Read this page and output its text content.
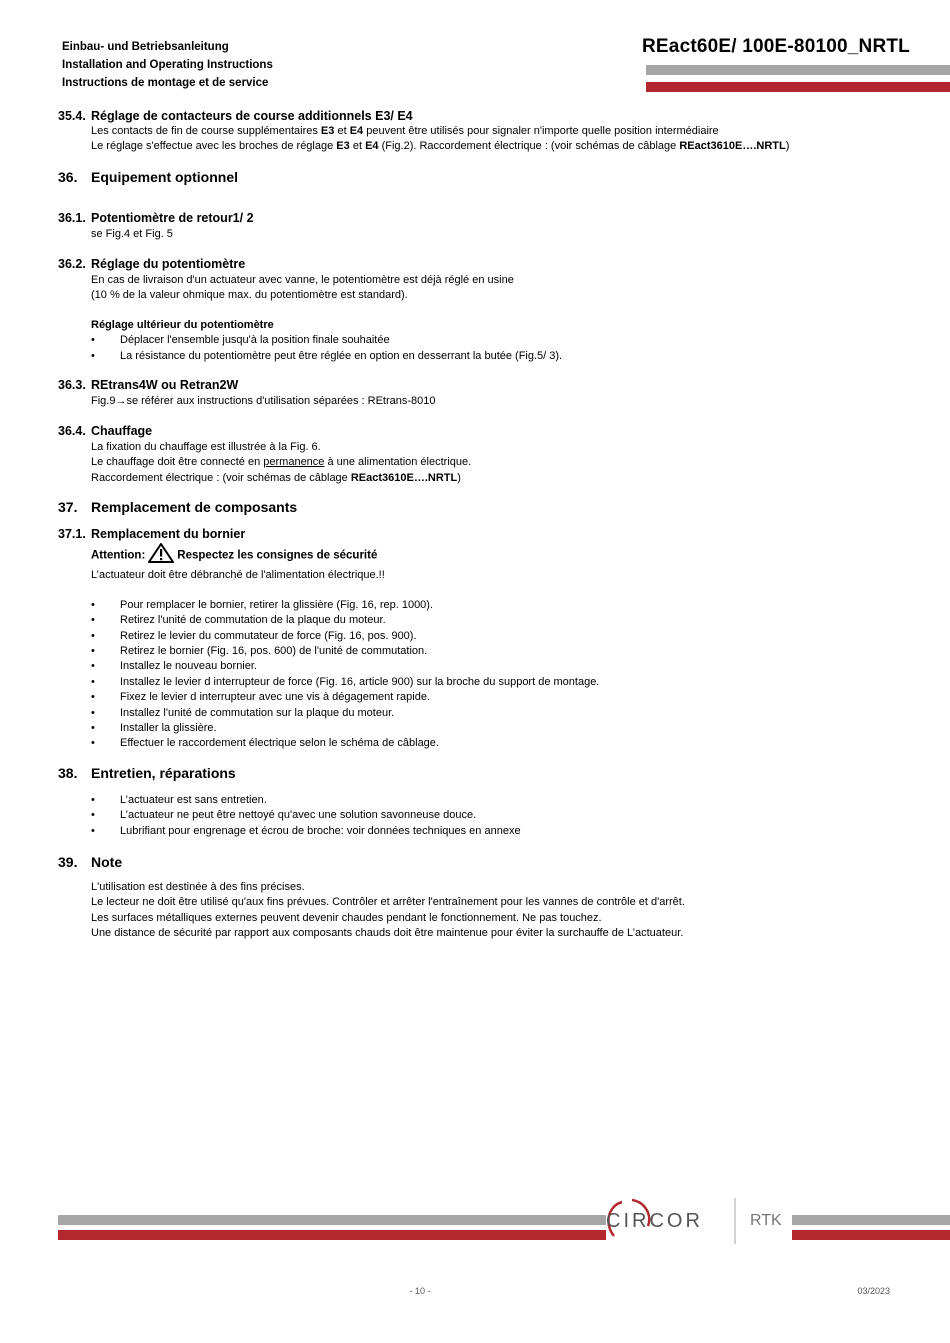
Einbau- und Betriebsanleitung
Installation and Operating Instructions
Instructions de montage et de service
REact60E/ 100E-80100_NRTL
35.4. Réglage de contacteurs de course additionnels E3/ E4
Les contacts de fin de course supplémentaires E3 et E4 peuvent être utilisés pour signaler n'importe quelle position intermédiaire
Le réglage s'effectue avec les broches de réglage E3 et E4 (Fig.2). Raccordement électrique : (voir schémas de câblage REact3610E….NRTL)
36. Equipement optionnel
36.1. Potentiomètre de retour1/ 2
se Fig.4 et Fig. 5
36.2. Réglage du potentiomètre
En cas de livraison d'un actuateur avec vanne, le potentiomètre est déjà réglé en usine
(10 % de la valeur ohmique max. du potentiomètre est standard).
Réglage ultérieur du potentiomètre
• Déplacer l'ensemble jusqu'à la position finale souhaitée
• La résistance du potentiomètre peut être réglée en option en desserrant la butée (Fig.5/ 3).
36.3. REtrans4W ou Retran2W
Fig.9→se référer aux instructions d'utilisation séparées : REtrans-8010
36.4. Chauffage
La fixation du chauffage est illustrée à la Fig. 6.
Le chauffage doit être connecté en permanence à une alimentation électrique.
Raccordement électrique : (voir schémas de câblage REact3610E….NRTL)
37. Remplacement de composants
37.1. Remplacement du bornier
Attention:	Respectez les consignes de sécurité
L’actuateur doit être débranché de l'alimentation électrique.!!
• Pour remplacer le bornier, retirer la glissière (Fig. 16, rep. 1000).
• Retirez l'unité de commutation de la plaque du moteur.
• Retirez le levier du commutateur de force (Fig. 16, pos. 900).
• Retirez le bornier (Fig. 16, pos. 600) de l'unité de commutation.
• Installez le nouveau bornier.
• Installez le levier d interrupteur de force (Fig. 16, article 900) sur la broche du support de montage.
• Fixez le levier d interrupteur avec une vis à dégagement rapide.
• Installez l'unité de commutation sur la plaque du moteur.
• Installer la glissière.
• Effectuer le raccordement électrique selon le schéma de câblage.
38. Entretien, réparations
• L’actuateur est sans entretien.
• L’actuateur ne peut être nettoyé qu'avec une solution savonneuse douce.
• Lubrifiant pour engrenage et écrou de broche: voir données techniques en annexe
39. Note
L'utilisation est destinée à des fins précises.
Le lecteur ne doit être utilisé qu'aux fins prévues. Contrôler et arrêter l'entraînement pour les vannes de contrôle et d'arrêt.
Les surfaces métalliques externes peuvent devenir chaudes pendant le fonctionnement. Ne pas touchez.
Une distance de sécurité par rapport aux composants chauds doit être maintenue pour éviter la surchauffe de L’actuateur.
CIRCOR	RTK
- 10 -	03/2023
